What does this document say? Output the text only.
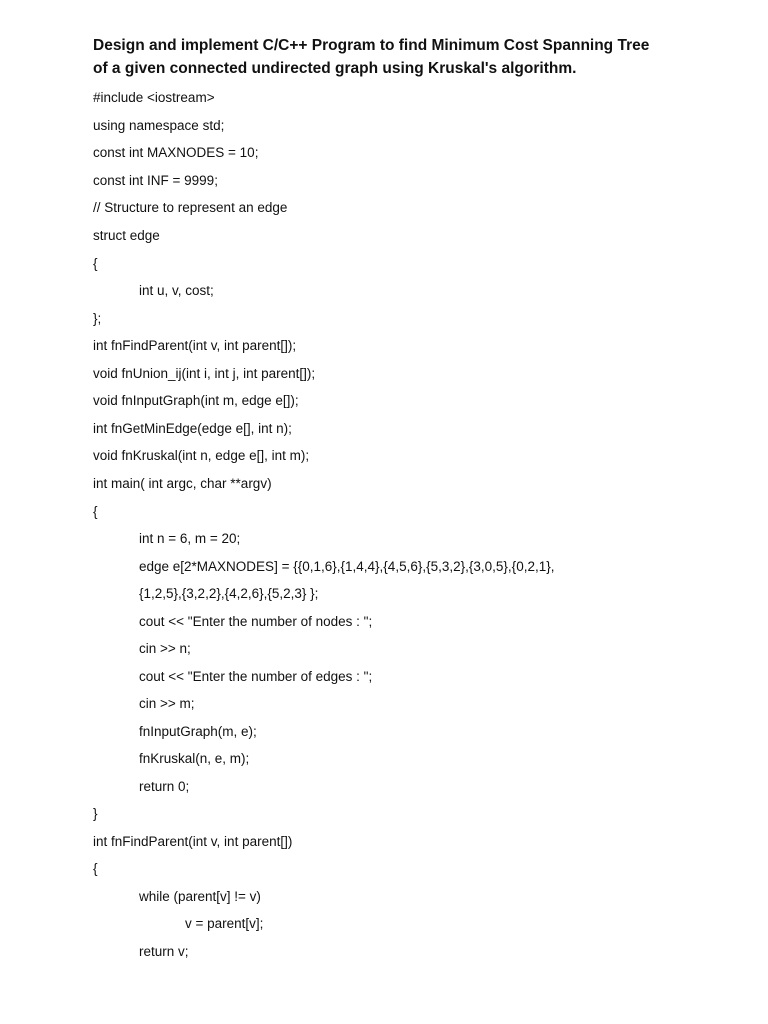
Design and implement C/C++ Program to find Minimum Cost Spanning Tree
of a given connected undirected graph using Kruskal's algorithm.
#include <iostream>
using namespace std;
const int MAXNODES = 10;
const int INF = 9999;
// Structure to represent an edge
struct edge
{
int u, v, cost;
};
int fnFindParent(int v, int parent[]);
void fnUnion_ij(int i, int j, int parent[]);
void fnInputGraph(int m, edge e[]);
int fnGetMinEdge(edge e[], int n);
void fnKruskal(int n, edge e[], int m);
int main( int argc, char **argv)
{
int n = 6, m = 20;
edge e[2*MAXNODES] = {{0,1,6},{1,4,4},{4,5,6},{5,3,2},{3,0,5},{0,2,1},
{1,2,5},{3,2,2},{4,2,6},{5,2,3} };
cout << "Enter the number of nodes : ";
cin >> n;
cout << "Enter the number of edges : ";
cin >> m;
fnInputGraph(m, e);
fnKruskal(n, e, m);
return 0;
}
int fnFindParent(int v, int parent[])
{
while (parent[v] != v)
v = parent[v];
return v;
